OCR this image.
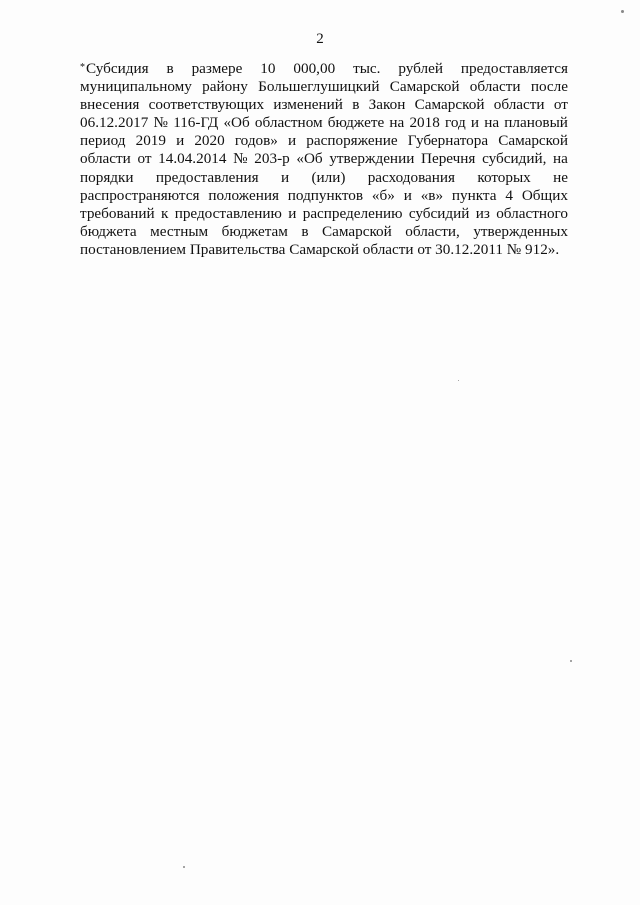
2
*Субсидия в размере 10 000,00 тыс. рублей предоставляется
муниципальному району Большеглушицкий Самарской области после
внесения соответствующих изменений в Закон Самарской области от
06.12.2017 № 116-ГД «Об областном бюджете на 2018 год и на плановый
период 2019 и 2020 годов» и распоряжение Губернатора Самарской
области от 14.04.2014 № 203-р «Об утверждении Перечня субсидий, на
порядки предоставления и (или) расходования которых не
распространяются положения подпунктов «б» и «в» пункта 4 Общих
требований к предоставлению и распределению субсидий из областного
бюджета местным бюджетам в Самарской области, утвержденных
постановлением Правительства Самарской области от 30.12.2011 № 912».
